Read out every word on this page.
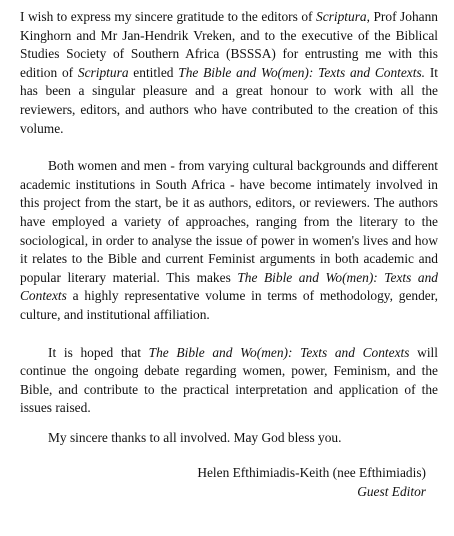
I wish to express my sincere gratitude to the editors of Scriptura, Prof Johann Kinghorn and Mr Jan-Hendrik Vreken, and to the executive of the Biblical Studies Society of Southern Africa (BSSSA) for entrusting me with this edition of Scriptura entitled The Bible and Wo(men): Texts and Contexts. It has been a singular pleasure and a great honour to work with all the reviewers, editors, and authors who have contributed to the creation of this volume.

Both women and men - from varying cultural backgrounds and different academic institutions in South Africa - have become intimately involved in this project from the start, be it as authors, editors, or reviewers. The authors have employed a variety of approaches, ranging from the literary to the sociological, in order to analyse the issue of power in women's lives and how it relates to the Bible and current Feminist arguments in both academic and popular literary material. This makes The Bible and Wo(men): Texts and Contexts a highly representative volume in terms of methodology, gender, culture, and institutional affiliation.

It is hoped that The Bible and Wo(men): Texts and Contexts will continue the ongoing debate regarding women, power, Feminism, and the Bible, and contribute to the practical interpretation and application of the issues raised.

My sincere thanks to all involved. May God bless you.

Helen Efthimiadis-Keith (nee Efthimiadis)
Guest Editor
